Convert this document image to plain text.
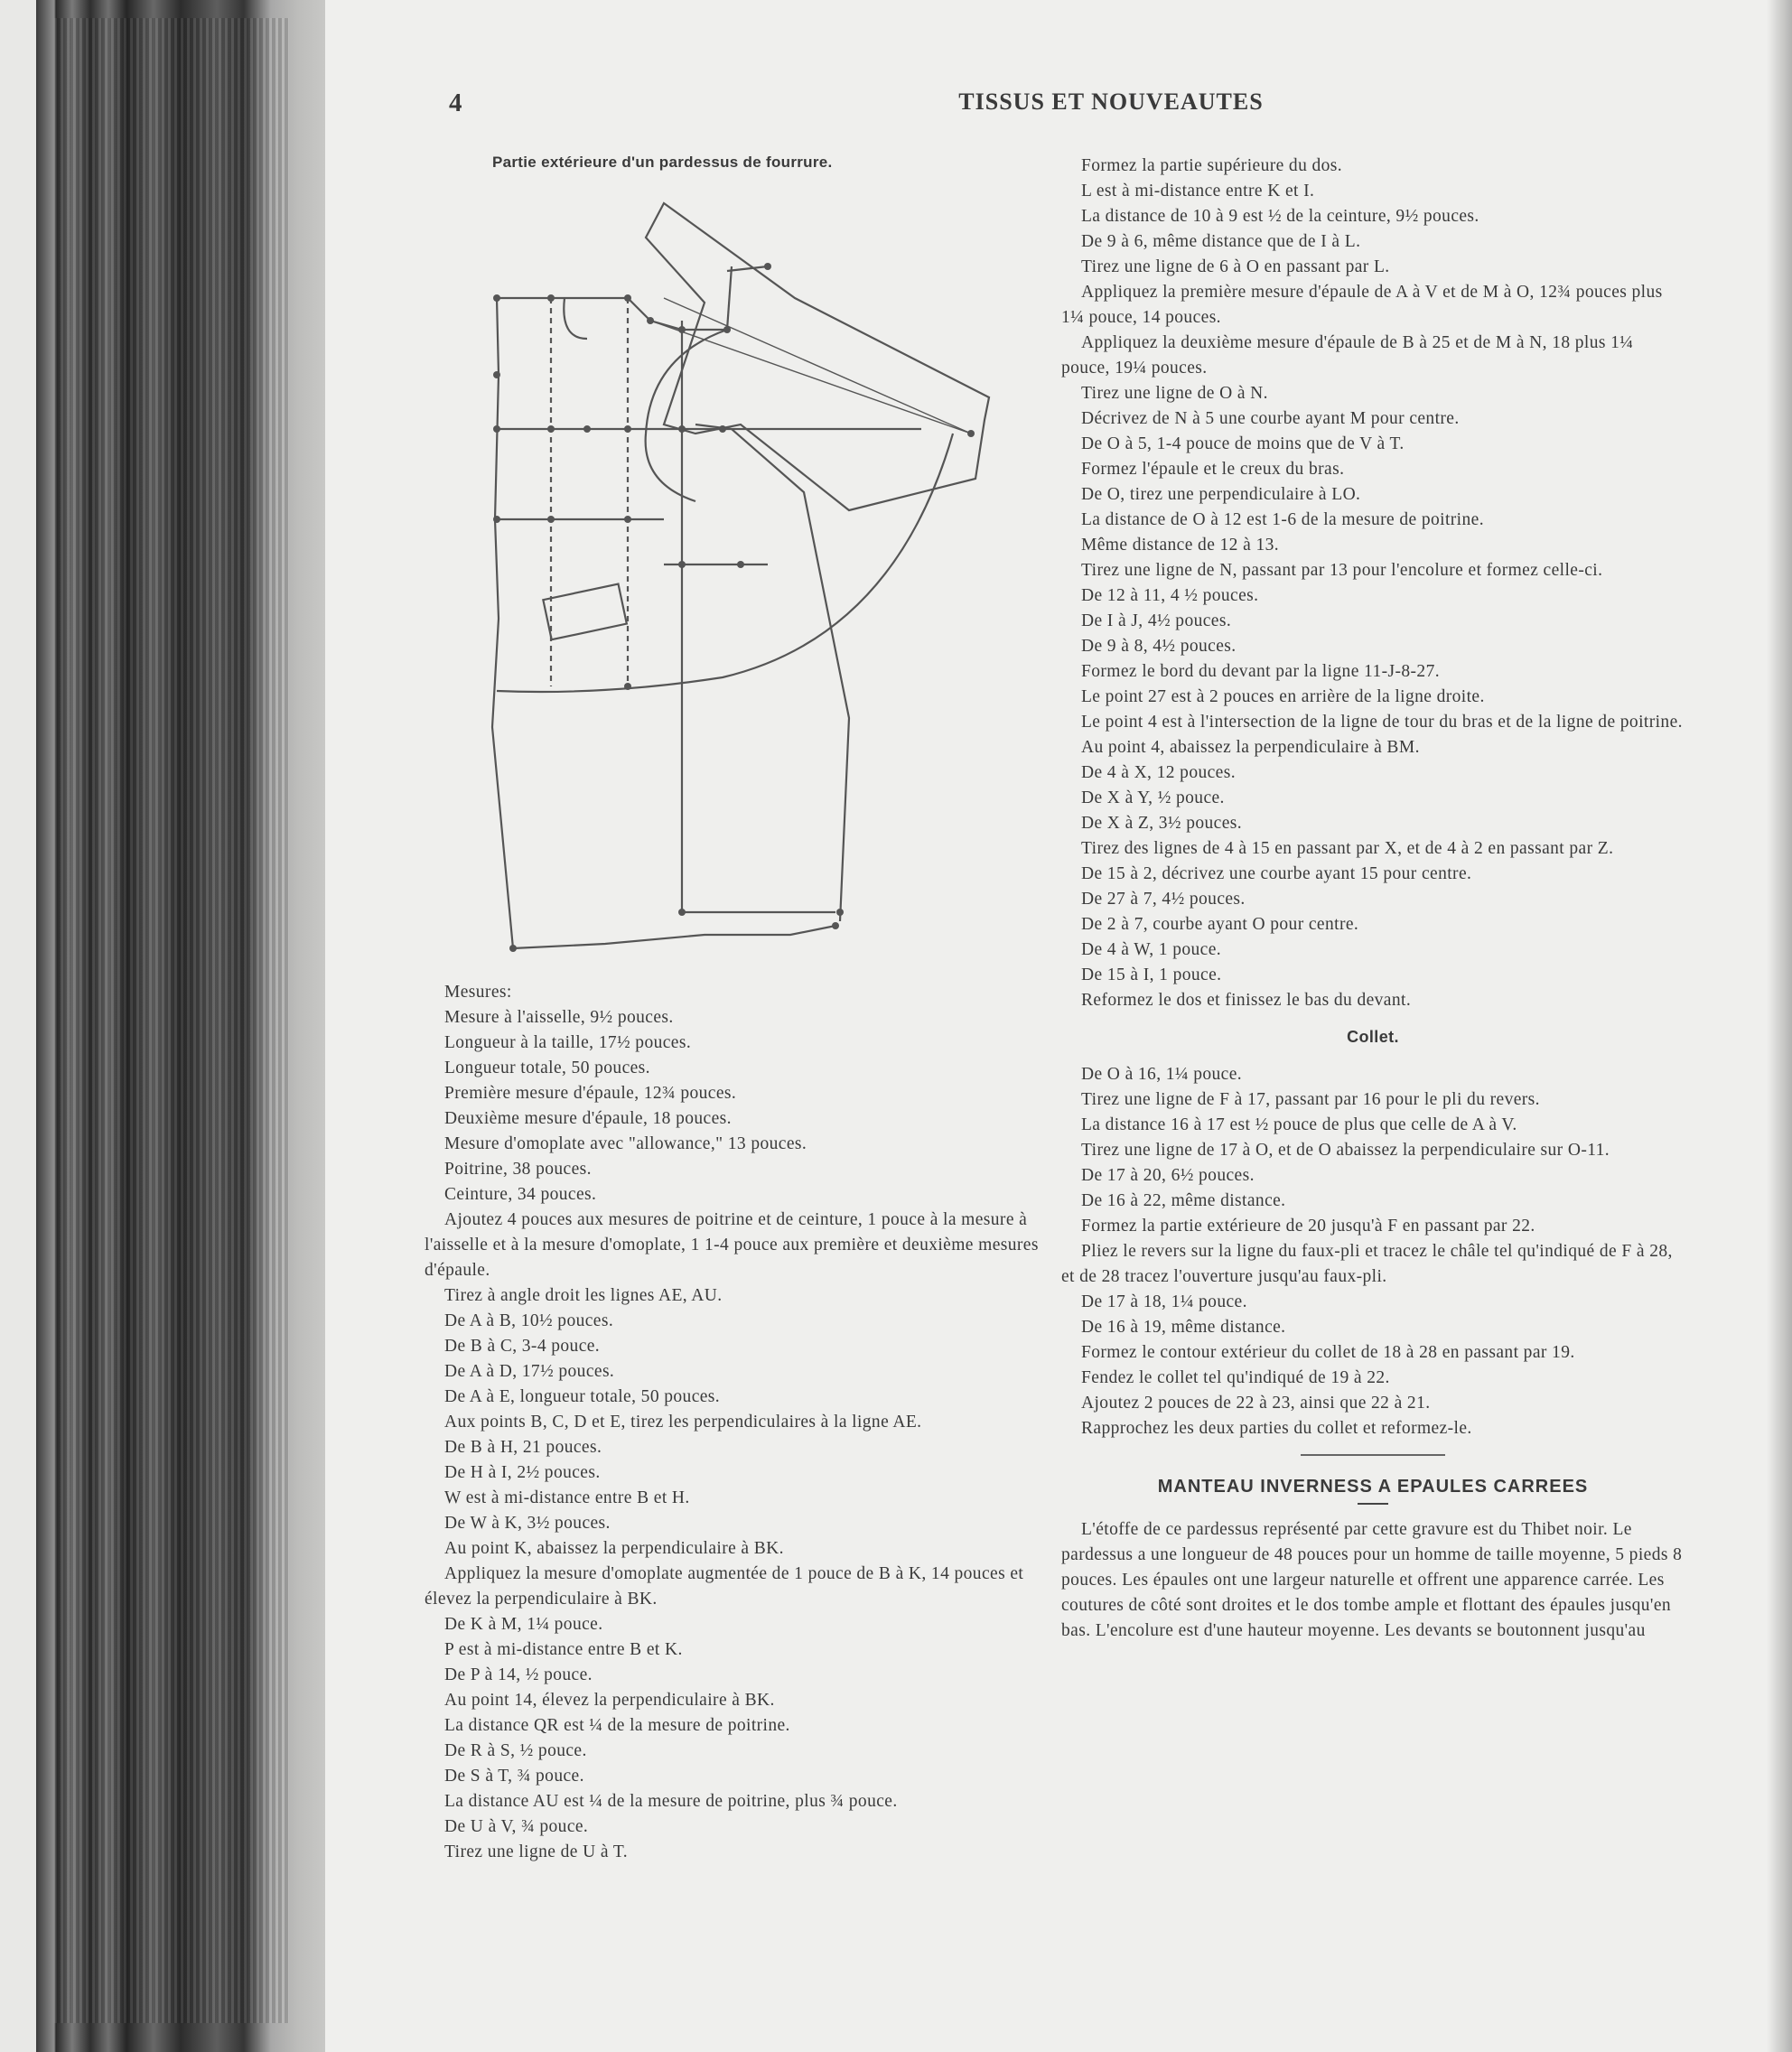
4	TISSUS ET NOUVEAUTES
Partie extérieure d'un pardessus de fourrure.

Mesures:

Mesure à l'aisselle, 9½ pouces.

Longueur à la taille, 17½ pouces.

Longueur totale, 50 pouces.

Première mesure d'épaule, 12¾ pouces.

Deuxième mesure d'épaule, 18 pouces.

Mesure d'omoplate avec "allowance," 13 pouces.

Poitrine, 38 pouces.

Ceinture, 34 pouces.

Ajoutez 4 pouces aux mesures de poitrine et de ceinture, 1 pouce à la mesure à l'aisselle et à la mesure d'omoplate, 1 1-4 pouce aux première et deuxième mesures d'épaule.

Tirez à angle droit les lignes AE, AU.

De A à B, 10½ pouces.

De B à C, 3-4 pouce.

De A à D, 17½ pouces.

De A à E, longueur totale, 50 pouces.

Aux points B, C, D et E, tirez les perpendiculaires à la ligne AE.

De B à H, 21 pouces.

De H à I, 2½ pouces.

W est à mi-distance entre B et H.

De W à K, 3½ pouces.

Au point K, abaissez la perpendiculaire à BK.

Appliquez la mesure d'omoplate augmentée de 1 pouce de B à K, 14 pouces et élevez la perpendiculaire à BK.

De K à M, 1¼ pouce.

P est à mi-distance entre B et K.

De P à 14, ½ pouce.

Au point 14, élevez la perpendiculaire à BK.

La distance QR est ¼ de la mesure de poitrine.

De R à S, ½ pouce.

De S à T, ¾ pouce.

La distance AU est ¼ de la mesure de poitrine, plus ¾ pouce.

De U à V, ¾ pouce.

Tirez une ligne de U à T.

Formez la partie supérieure du dos.

L est à mi-distance entre K et I.

La distance de 10 à 9 est ½ de la ceinture, 9½ pouces.

De 9 à 6, même distance que de I à L.

Tirez une ligne de 6 à O en passant par L.

Appliquez la première mesure d'épaule de A à V et de M à O, 12¾ pouces plus 1¼ pouce, 14 pouces.

Appliquez la deuxième mesure d'épaule de B à 25 et de M à N, 18 plus 1¼ pouce, 19¼ pouces.

Tirez une ligne de O à N.

Décrivez de N à 5 une courbe ayant M pour centre.

De O à 5, 1-4 pouce de moins que de V à T.

Formez l'épaule et le creux du bras.

De O, tirez une perpendiculaire à LO.

La distance de O à 12 est 1-6 de la mesure de poitrine.

Même distance de 12 à 13.

Tirez une ligne de N, passant par 13 pour l'encolure et formez celle-ci.

De 12 à 11, 4 ½ pouces.

De I à J, 4½ pouces.

De 9 à 8, 4½ pouces.

Formez le bord du devant par la ligne 11-J-8-27.

Le point 27 est à 2 pouces en arrière de la ligne droite.

Le point 4 est à l'intersection de la ligne de tour du bras et de la ligne de poitrine.

Au point 4, abaissez la perpendiculaire à BM.

De 4 à X, 12 pouces.

De X à Y, ½ pouce.

De X à Z, 3½ pouces.

Tirez des lignes de 4 à 15 en passant par X, et de 4 à 2 en passant par Z.

De 15 à 2, décrivez une courbe ayant 15 pour centre.

De 27 à 7, 4½ pouces.

De 2 à 7, courbe ayant O pour centre.

De 4 à W, 1 pouce.

De 15 à I, 1 pouce.

Reformez le dos et finissez le bas du devant.

Collet.

De O à 16, 1¼ pouce.

Tirez une ligne de F à 17, passant par 16 pour le pli du revers.

La distance 16 à 17 est ½ pouce de plus que celle de A à V.

Tirez une ligne de 17 à O, et de O abaissez la perpendiculaire sur O-11.

De 17 à 20, 6½ pouces.

De 16 à 22, même distance.

Formez la partie extérieure de 20 jusqu'à F en passant par 22.

Pliez le revers sur la ligne du faux-pli et tracez le châle tel qu'indiqué de F à 28, et de 28 tracez l'ouverture jusqu'au faux-pli.

De 17 à 18, 1¼ pouce.

De 16 à 19, même distance.

Formez le contour extérieur du collet de 18 à 28 en passant par 19.

Fendez le collet tel qu'indiqué de 19 à 22.

Ajoutez 2 pouces de 22 à 23, ainsi que 22 à 21.

Rapprochez les deux parties du collet et reformez-le.

MANTEAU INVERNESS A EPAULES CARREES

L'étoffe de ce pardessus représenté par cette gravure est du Thibet noir. Le pardessus a une longueur de 48 pouces pour un homme de taille moyenne, 5 pieds 8 pouces. Les épaules ont une largeur naturelle et offrent une apparence carrée. Les coutures de côté sont droites et le dos tombe ample et flottant des épaules jusqu'en bas. L'encolure est d'une hauteur moyenne. Les devants se boutonnent jusqu'au
